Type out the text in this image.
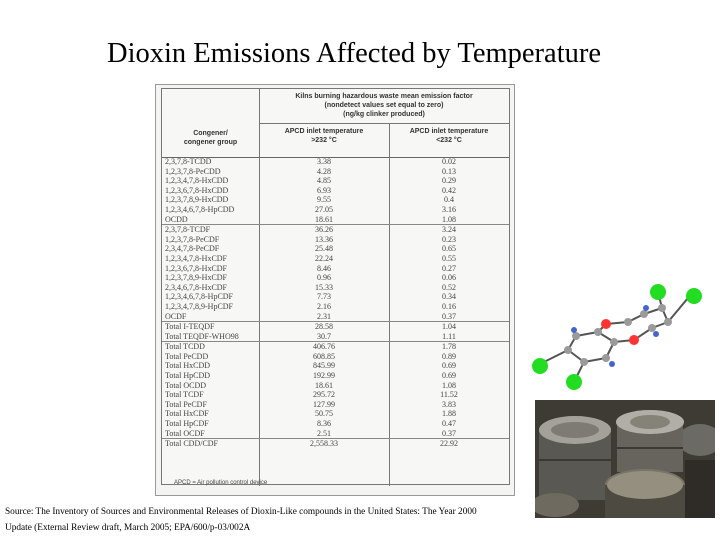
Dioxin Emissions Affected by Temperature
Kilns burning hazardous waste mean emission factor
(nondetect values set equal to zero)
(ng/kg clinker produced)
Congener/
congener group
APCD inlet temperature
>232 °C
APCD inlet temperature
<232 °C
2,3,7,8-TCDD	3.38	0.02
1,2,3,7,8-PeCDD	4.28	0.13
1,2,3,4,7,8-HxCDD	4.85	0.29
1,2,3,6,7,8-HxCDD	6.93	0.42
1,2,3,7,8,9-HxCDD	9.55	0.4
1,2,3,4,6,7,8-HpCDD	27.05	3.16
OCDD	18.61	1.08
2,3,7,8-TCDF	36.26	3.24
1,2,3,7,8-PeCDF	13.36	0.23
2,3,4,7,8-PeCDF	25.48	0.65
1,2,3,4,7,8-HxCDF	22.24	0.55
1,2,3,6,7,8-HxCDF	8.46	0.27
1,2,3,7,8,9-HxCDF	0.96	0.06
2,3,4,6,7,8-HxCDF	15.33	0.52
1,2,3,4,6,7,8-HpCDF	7.73	0.34
1,2,3,4,7,8,9-HpCDF	2.16	0.16
OCDF	2.31	0.37
Total I-TEQDF	28.58	1.04
Total TEQDF-WHO98	30.7	1.11
Total TCDD	406.76	1.78
Total PeCDD	608.85	0.89
Total HxCDD	845.99	0.69
Total HpCDD	192.99	0.69
Total OCDD	18.61	1.08
Total TCDF	295.72	11.52
Total PeCDF	127.99	3.83
Total HxCDF	50.75	1.88
Total HpCDF	8.36	0.47
Total OCDF	2.51	0.37
Total CDD/CDF	2,558.33	22.92
APCD = Air pollution control device
Source: The Inventory of Sources and Environmental Releases of Dioxin-Like compounds in the United States: The Year 2000
Update (External Review draft, March 2005; EPA/600/p-03/002A
